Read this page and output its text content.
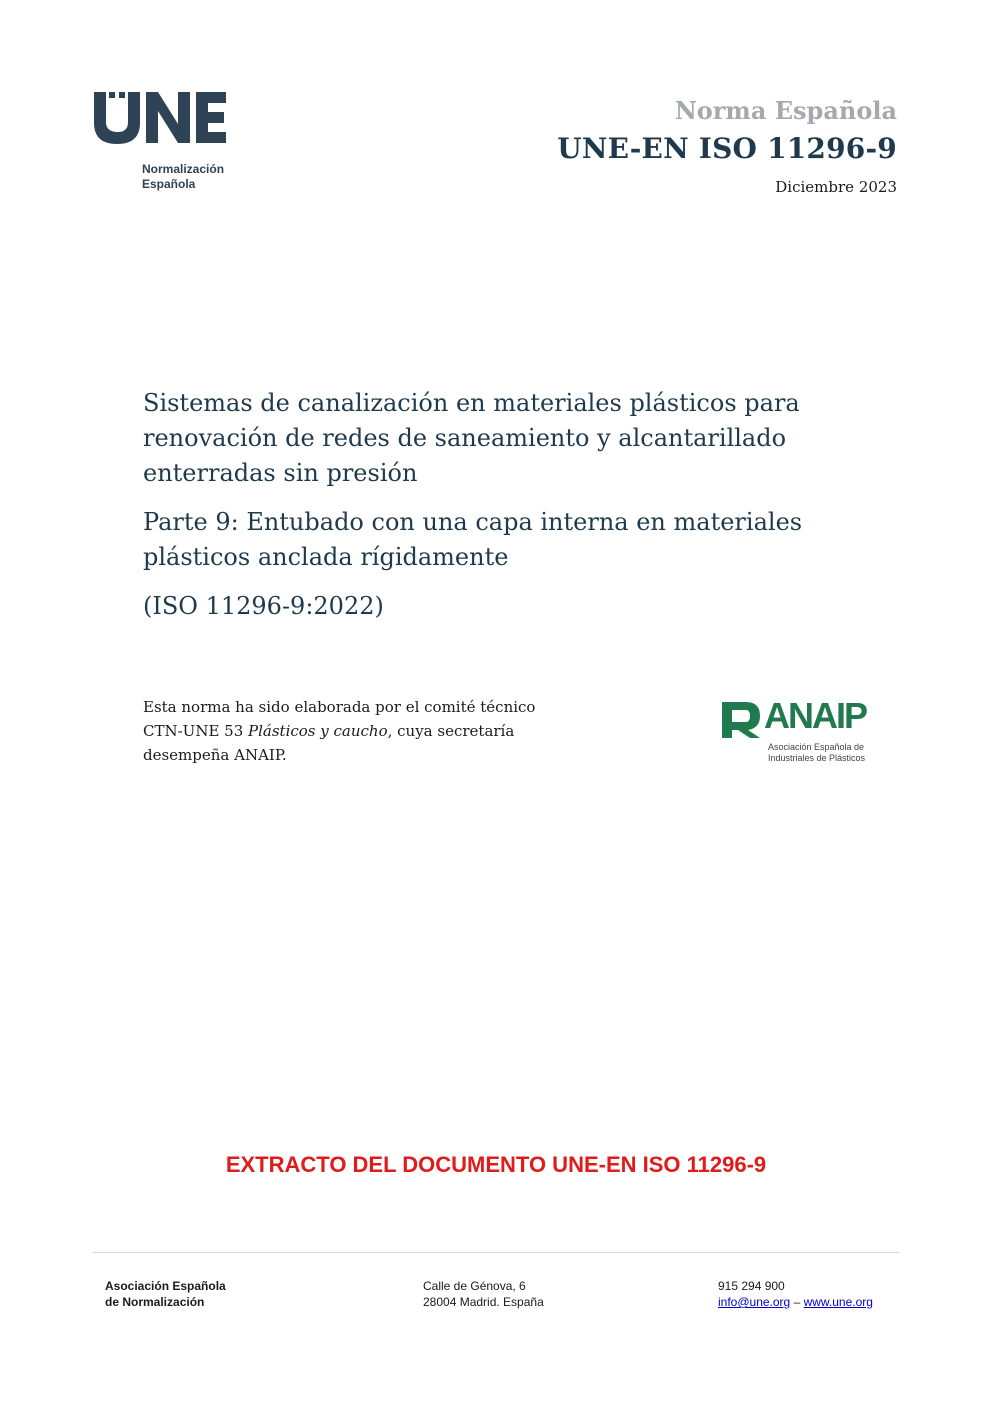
Normalización
Española
Norma Española
UNE-EN ISO 11296-9
Diciembre 2023
Sistemas de canalización en materiales plásticos para
renovación de redes de saneamiento y alcantarillado
enterradas sin presión
Parte 9: Entubado con una capa interna en materiales
plásticos anclada rígidamente
(ISO 11296-9:2022)
Esta norma ha sido elaborada por el comité técnico
CTN-UNE 53 Plásticos y caucho, cuya secretaría
desempeña ANAIP.
ANAIP
Asociación Española de
Industriales de Plásticos
EXTRACTO DEL DOCUMENTO UNE-EN ISO 11296-9
Asociación Española
de Normalización
Calle de Génova, 6
28004 Madrid. España
915 294 900
info@une.org – www.une.org
